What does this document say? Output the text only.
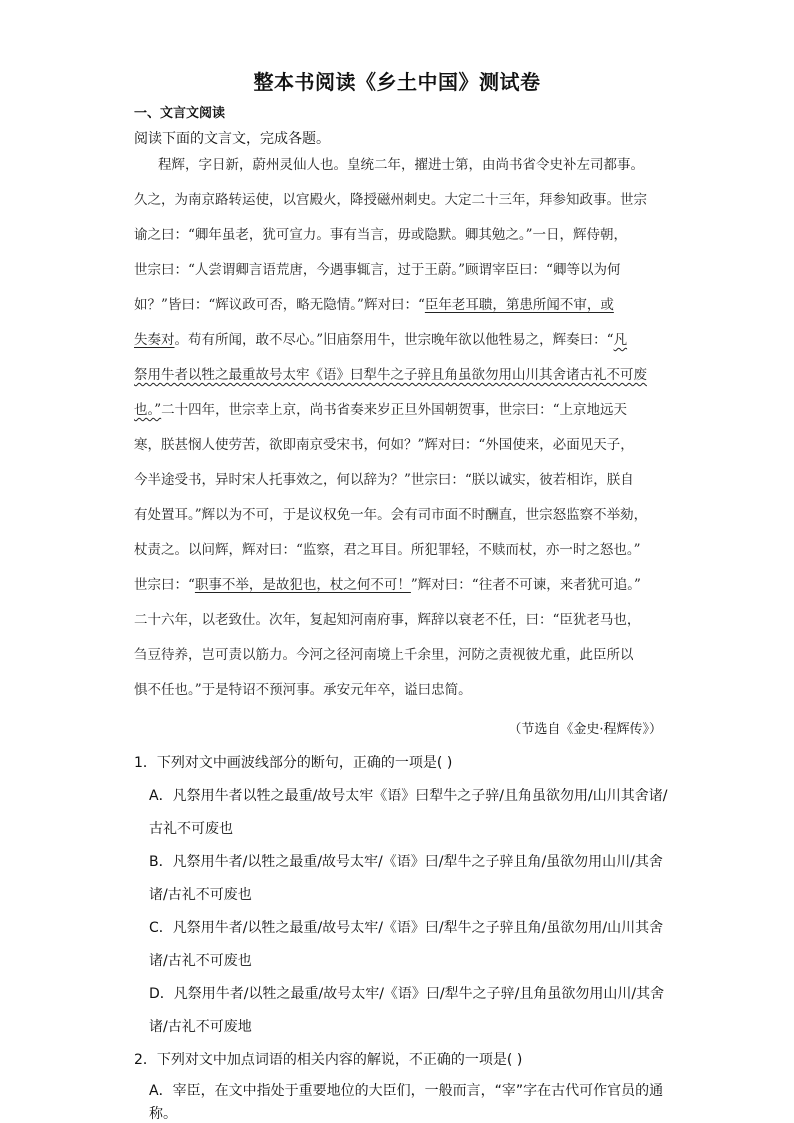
整本书阅读《乡土中国》测试卷
一、文言文阅读
阅读下面的文言文，完成各题。
程辉，字日新，蔚州灵仙人也。皇统二年，擢进士第，由尚书省令史补左司都事。
久之，为南京路转运使，以宫殿火，降授磁州刺史。大定二十三年，拜参知政事。世宗
谕之曰：“卿年虽老，犹可宣力。事有当言，毋或隐默。卿其勉之。”一日，辉侍朝，
世宗曰：“人尝谓卿言语荒唐，今遇事辄言，过于王蔚。”顾谓宰臣曰：“卿等以为何
如？”皆曰：“辉议政可否，略无隐情。”辉对曰：“臣年老耳聩，第患所闻不审，或
失奏对。苟有所闻，敢不尽心。”旧庙祭用牛，世宗晚年欲以他牲易之，辉奏曰：“凡
祭用牛者以牲之最重故号太牢《语》曰犁牛之子骍且角虽欲勿用山川其舍诸古礼不可废
也。”二十四年，世宗幸上京，尚书省奏来岁正旦外国朝贺事，世宗曰：“上京地远天
寒，朕甚悯人使劳苦，欲即南京受宋书，何如？”辉对曰：“外国使来，必面见天子，
今半途受书，异时宋人托事效之，何以辞为？”世宗曰：“朕以诚实，彼若相诈，朕自
有处置耳。”辉以为不可，于是议权免一年。会有司市面不时酬直，世宗怒监察不举劾，
杖责之。以问辉，辉对曰：“监察，君之耳目。所犯罪轻，不赎而杖，亦一时之怒也。”
世宗曰：“职事不举，是故犯也，杖之何不可！”辉对曰：“往者不可谏，来者犹可追。”
二十六年，以老致仕。次年，复起知河南府事，辉辞以衰老不任，曰：“臣犹老马也，
刍豆待养，岂可责以筋力。今河之径河南境上千余里，河防之责视彼尤重，此臣所以
惧不任也。”于是特诏不预河事。承安元年卒，谥曰忠简。
（节选自《金史·程辉传》）
1．下列对文中画波线部分的断句，正确的一项是( )
A．凡祭用牛者以牲之最重/故号太牢《语》曰犁牛之子骍/且角虽欲勿用/山川其舍诸/
古礼不可废也
B．凡祭用牛者/以牲之最重/故号太牢/《语》曰/犁牛之子骍且角/虽欲勿用山川/其舍
诸/古礼不可废也
C．凡祭用牛者/以牲之最重/故号太牢/《语》曰/犁牛之子骍且角/虽欲勿用/山川其舍
诸/古礼不可废也
D．凡祭用牛者/以牲之最重/故号太牢/《语》曰/犁牛之子骍/且角虽欲勿用山川/其舍
诸/古礼不可废地
2．下列对文中加点词语的相关内容的解说，不正确的一项是( )
A．宰臣，在文中指处于重要地位的大臣们，一般而言，“宰”字在古代可作官员的通
称。
